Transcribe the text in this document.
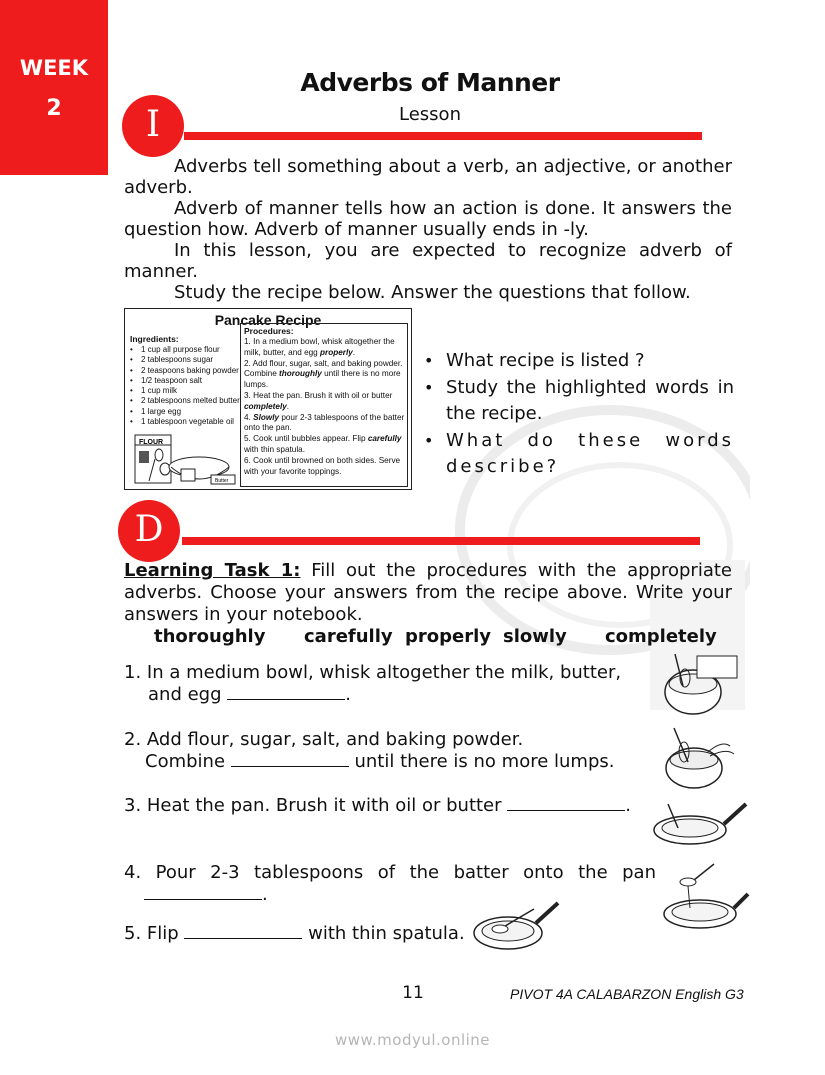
WEEK
2
Adverbs of Manner
Lesson
I
Adverbs tell something about a verb, an adjective, or another adverb.
Adverb of manner tells how an action is done. It answers the question how. Adverb of manner usually ends in -ly.
In this lesson, you are expected to recognize adverb of manner.
Study the recipe below. Answer the questions that follow.
Pancake Recipe
Ingredients:
• 1 cup all purpose flour
• 2 tablespoons sugar
• 2 teaspoons baking powder
• 1/2 teaspoon salt
• 1 cup milk
• 2 tablespoons melted butter
• 1 large egg
• 1 tablespoon vegetable oil
FLOUR
Butter
Procedures:
1. In a medium bowl, whisk altogether the milk, butter, and egg properly.
2. Add flour, sugar, salt, and baking powder. Combine thoroughly until there is no more lumps.
3. Heat the pan. Brush it with oil or butter completely.
4. Slowly pour 2-3 tablespoons of the batter onto the pan.
5. Cook until bubbles appear. Flip carefully with thin spatula.
6. Cook until browned on both sides. Serve with your favorite toppings.
• What recipe is listed ?
• Study the highlighted words in the recipe.
• What do these words describe?
D
Learning Task 1: Fill out the procedures with the appropriate adverbs. Choose your answers from the recipe above. Write your answers in your notebook.
thoroughly carefully properly slowly completely
1. In a medium bowl, whisk altogether the milk, butter,
and egg	.
2. Add flour, sugar, salt, and baking powder.
Combine	until there is no more lumps.
3. Heat the pan. Brush it with oil or butter	.
4. Pour 2-3 tablespoons of the batter onto the pan
.
5. Flip	with thin spatula.
11	PIVOT 4A CALABARZON English G3
www.modyul.online
